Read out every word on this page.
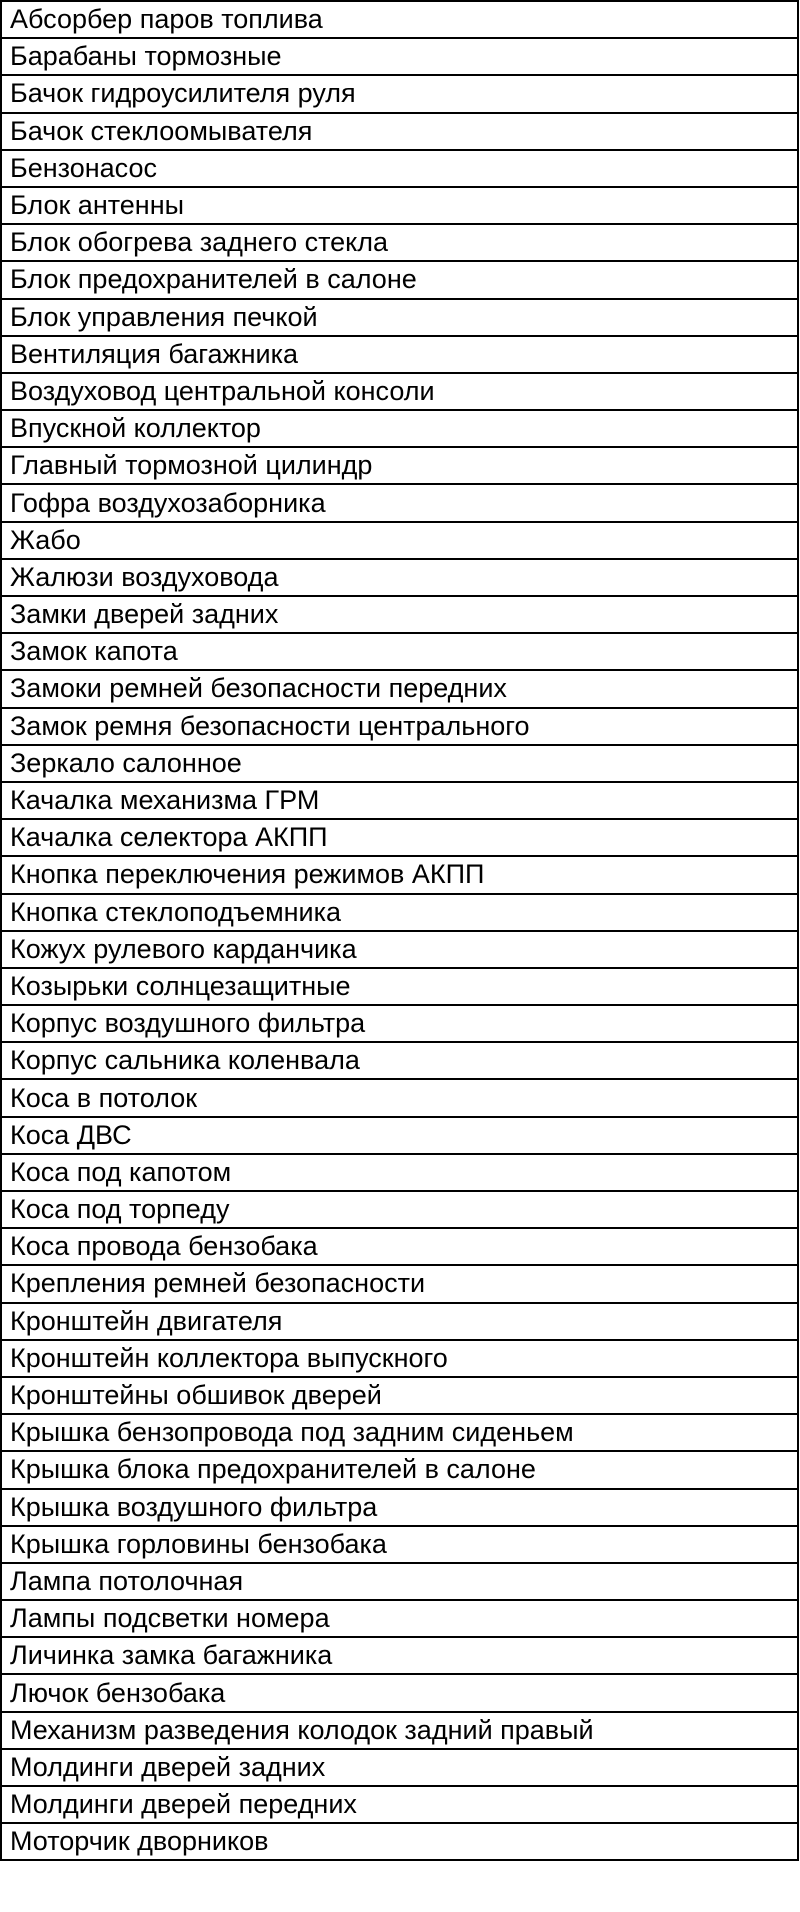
Абсорбер паров топлива
Барабаны тормозные
Бачок гидроусилителя руля
Бачок стеклоомывателя
Бензонасос
Блок антенны
Блок обогрева заднего стекла
Блок предохранителей в салоне
Блок управления печкой
Вентиляция багажника
Воздуховод центральной консоли
Впускной коллектор
Главный тормозной цилиндр
Гофра воздухозаборника
Жабо
Жалюзи воздуховода
Замки дверей задних
Замок капота
Замоки ремней безопасности передних
Замок ремня безопасности центрального
Зеркало салонное
Качалка механизма ГРМ
Качалка селектора АКПП
Кнопка переключения режимов АКПП
Кнопка стеклоподъемника
Кожух рулевого карданчика
Козырьки солнцезащитные
Корпус воздушного фильтра
Корпус сальника коленвала
Коса в потолок
Коса ДВС
Коса под капотом
Коса под торпеду
Коса провода бензобака
Крепления ремней безопасности
Кронштейн двигателя
Кронштейн коллектора выпускного
Кронштейны обшивок дверей
Крышка бензопровода под задним сиденьем
Крышка блока предохранителей в салоне
Крышка воздушного фильтра
Крышка горловины бензобака
Лампа потолочная
Лампы подсветки номера
Личинка замка багажника
Лючок бензобака
Механизм разведения колодок задний правый
Молдинги дверей задних
Молдинги дверей передних
Моторчик дворников
